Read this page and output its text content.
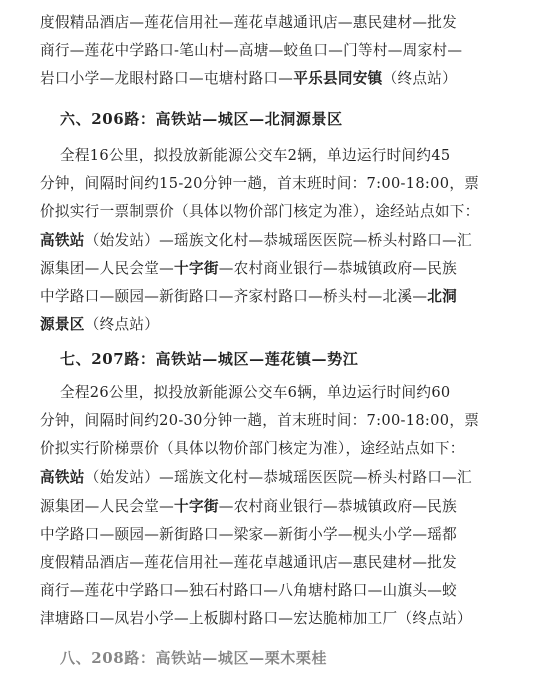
度假精品酒店—莲花信用社—莲花卓越通讯店—惠民建材—批发
商行—莲花中学路口-笔山村—高塘—蛟鱼口—门等村—周家村—
岩口小学—龙眼村路口—屯塘村路口—平乐县同安镇（终点站）
六、206路：高铁站—城区—北洞源景区
全程16公里，拟投放新能源公交车2辆，单边运行时间约45
分钟，间隔时间约15-20分钟一趟，首末班时间：7:00-18:00，票
价拟实行一票制票价（具体以物价部门核定为准），途经站点如下：
高铁站（始发站）—瑶族文化村—恭城瑶医医院—桥头村路口—汇
源集团—人民会堂—十字街—农村商业银行—恭城镇政府—民族
中学路口—颐园—新街路口—齐家村路口—桥头村—北溪—北洞
源景区（终点站）
七、207路：高铁站—城区—莲花镇—势江
全程26公里，拟投放新能源公交车6辆，单边运行时间约60
分钟，间隔时间约20-30分钟一趟，首末班时间：7:00-18:00，票
价拟实行阶梯票价（具体以物价部门核定为准），途经站点如下：
高铁站（始发站）—瑶族文化村—恭城瑶医医院—桥头村路口—汇
源集团—人民会堂—十字街—农村商业银行—恭城镇政府—民族
中学路口—颐园—新街路口—梁家—新街小学—枧头小学—瑶都
度假精品酒店—莲花信用社—莲花卓越通讯店—惠民建材—批发
商行—莲花中学路口—独石村路口—八角塘村路口—山旗头—蛟
津塘路口—凤岩小学—上板脚村路口—宏达脆柿加工厂（终点站）
八、208路：高铁站—城区—栗木栗桂
